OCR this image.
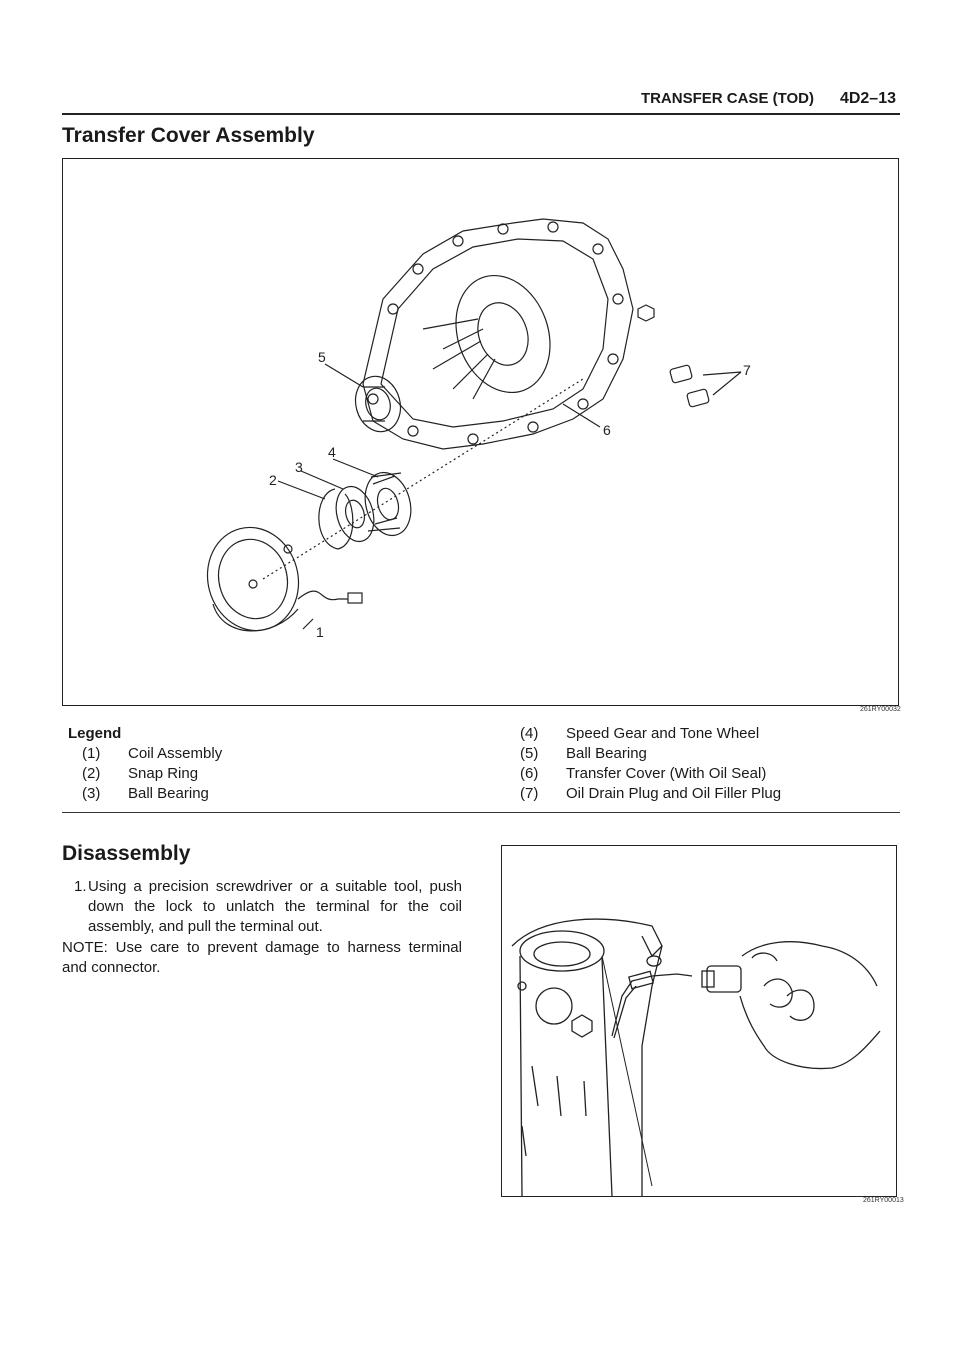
TRANSFER CASE (TOD) 4D2–13
Transfer Cover Assembly
5
4
3
2
1
6
7
261RY00032
Legend
(1) Coil Assembly
(2) Snap Ring
(3) Ball Bearing
(4) Speed Gear and Tone Wheel
(5) Ball Bearing
(6) Transfer Cover (With Oil Seal)
(7) Oil Drain Plug and Oil Filler Plug
Disassembly
1. Using a precision screwdriver or a suitable tool, push down the lock to unlatch the terminal for the coil assembly, and pull the terminal out.
NOTE: Use care to prevent damage to harness terminal and connector.
261RY00013
